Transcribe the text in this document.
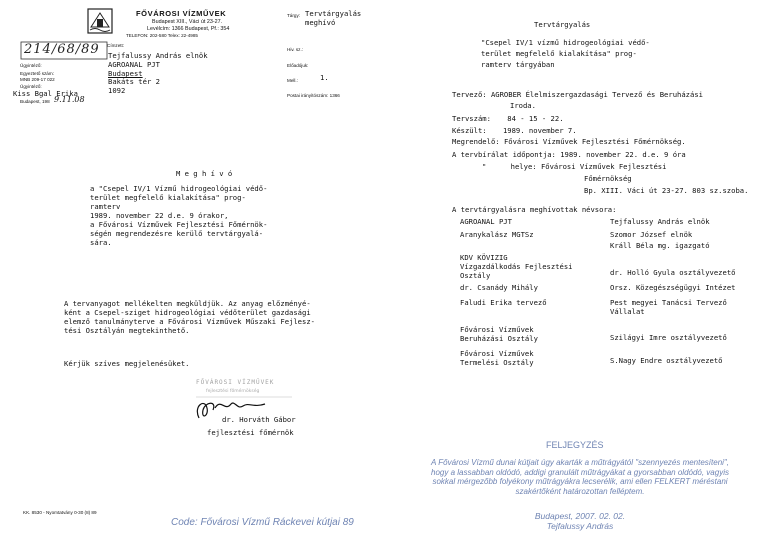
FŐVÁROSI VÍZMŰVEK
Budapest XIII., Váci út 23-27.
Levélcím: 1366 Budapest, Pf.: 354
TELEFON: 202-580 Telex: 22-4985
214/68/89
Ügyintéző:
Egyeztető szám:
MNB 209-17 022
Ügyintéző:
Kiss Bgal Erika
Budapest, 198 9.11.08
Címzett:
Tejfalussy András elnök
AGROANAL PJT
Budapest
Bakáts tér 2
1092
Tárgy: Tervtárgyalás meghívó
Hiv. sz.:
Előadójuk:
Mell.:	1.
Postai irányítószám: 1366
M e g h í v ó
a "Csepel IV/1 Vízmű hidrogeológiai védő-
terület megfelelő kialakítása" prog-
ramterv
1989. november 22 d.e. 9 órakor,
a Fővárosi Vízművek Fejlesztési Főmérnök-
ségén megrendezésre kerülő tervtárgyalá-
sára.
A tervanyagot mellékelten megküldjük. Az anyag előzményé-
ként a Csepel-sziget hidrogeológiai védőterület gazdasági
elemző tanulmányterve a Fővárosi Vízművek Műszaki Fejlesz-
tési Osztályán megtekinthető.
Kérjük szíves megjelenésüket.
FŐVÁROSI VÍZMŰVEK
fejlesztési főmérnökség
dr. Horváth Gábor
fejlesztési főmérnök
KK. 8530 - Nyomtatvány 0-30 (8) 89
Code: Fővárosi Vízmű Ráckevei kútjai 89
Tervtárgyalás
"Csepel IV/1 vízmű hidrogeológiai védő-
terület megfelelő kialakítása" prog-
ramterv tárgyában
Tervező: AGROBER Élelmiszergazdasági Tervező és Beruházási
Iroda.
Tervszám: 84 - 15 - 22.
Készült: 1989. november 7.
Megrendelő: Fővárosi Vízművek Fejlesztési Főmérnökség.
A tervbírálat időpontja: 1989. november 22. d.e. 9 óra
"	helye: Fővárosi Vízművek Fejlesztési
Főmérnökség
Bp. XIII. Váci út 23-27. 803 sz.szoba.
A tervtárgyalásra meghívottak névsora:
AGROANAL PJT	Tejfalussy András elnök
Aranykalász MGTSz	Szomor József elnök
Králl Béla mg. igazgató
KDV KÖVIZIG
Vízgazdálkodás Fejlesztési
Osztály	dr. Holló Gyula osztályvezető
dr. Csanády Mihály	Orsz. Közegészségügyi Intézet
Faludi Erika tervező	Pest megyei Tanácsi Tervező Vállalat
Fővárosi Vízművek
Beruházási Osztály	Szilágyi Imre osztályvezető
Fővárosi Vízművek
Termelési Osztály	S.Nagy Endre osztályvezető
FELJEGYZÉS
A Fővárosi Vízmű dunai kútjait úgy akarták a műtrágyától "szennyezés mentesíteni",
hogy a lassabban oldódó, addigi granulált műtrágyákat a gyorsabban oldódó, vagyis
sokkal mérgezőbb folyékony műtrágyákra lecserélik, ami ellen FELKERT méréstani
szakértőként határozottan felléptem.
Budapest, 2007. 02. 02.
Tejfalussy András
